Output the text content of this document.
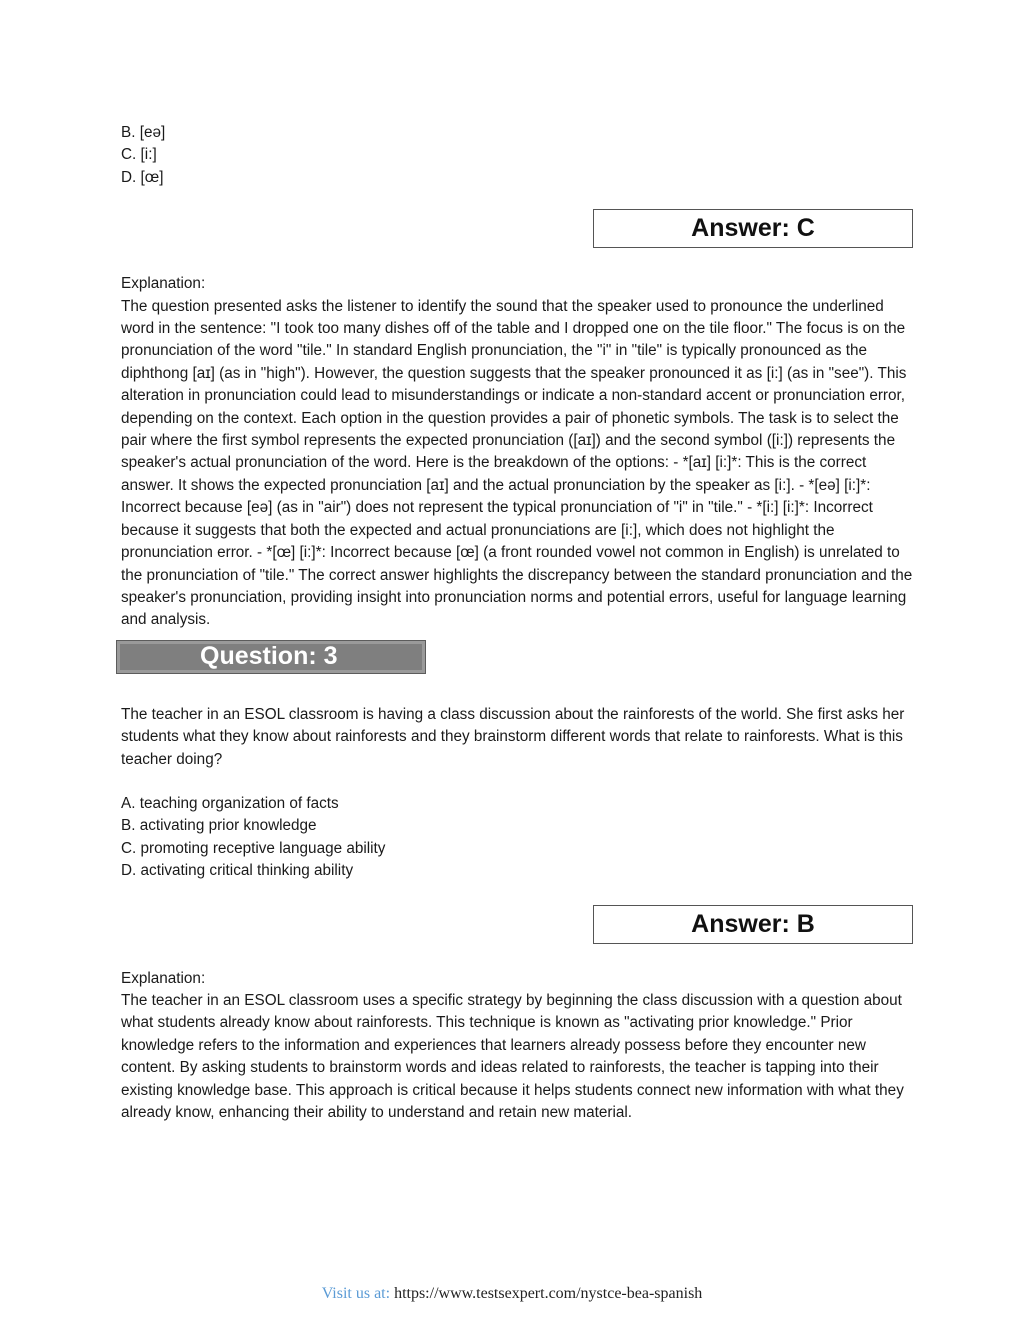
B. [eə]

C. [i:]

D. [œ]

Answer: C

Explanation:

The question presented asks the listener to identify the sound that the speaker used to pronounce the underlined word in the sentence: "I took too many dishes off of the table and I dropped one on the tile floor." The focus is on the pronunciation of the word "tile." In standard English pronunciation, the "i" in "tile" is typically pronounced as the diphthong [aɪ] (as in "high"). However, the question suggests that the speaker pronounced it as [i:] (as in "see"). This alteration in pronunciation could lead to misunderstandings or indicate a non-standard accent or pronunciation error, depending on the context. Each option in the question provides a pair of phonetic symbols. The task is to select the pair where the first symbol represents the expected pronunciation ([aɪ]) and the second symbol ([i:]) represents the speaker's actual pronunciation of the word. Here is the breakdown of the options: - *[aɪ] [i:]*: This is the correct answer. It shows the expected pronunciation [aɪ] and the actual pronunciation by the speaker as [i:]. - *[eə] [i:]*: Incorrect because [eə] (as in "air") does not represent the typical pronunciation of "i" in "tile." - *[i:] [i:]*: Incorrect because it suggests that both the expected and actual pronunciations are [i:], which does not highlight the pronunciation error. - *[œ] [i:]*: Incorrect because [œ] (a front rounded vowel not common in English) is unrelated to the pronunciation of "tile." The correct answer highlights the discrepancy between the standard pronunciation and the speaker's pronunciation, providing insight into pronunciation norms and potential errors, useful for language learning and analysis.

Question: 3

The teacher in an ESOL classroom is having a class discussion about the rainforests of the world. She first asks her students what they know about rainforests and they brainstorm different words that relate to rainforests. What is this teacher doing?

A. teaching organization of facts

B. activating prior knowledge

C. promoting receptive language ability

D. activating critical thinking ability

Answer: B

Explanation:

The teacher in an ESOL classroom uses a specific strategy by beginning the class discussion with a question about what students already know about rainforests. This technique is known as "activating prior knowledge." Prior knowledge refers to the information and experiences that learners already possess before they encounter new content. By asking students to brainstorm words and ideas related to rainforests, the teacher is tapping into their existing knowledge base. This approach is critical because it helps students connect new information with what they already know, enhancing their ability to understand and retain new material.

Visit us at: https://www.testsexpert.com/nystce-bea-spanish
